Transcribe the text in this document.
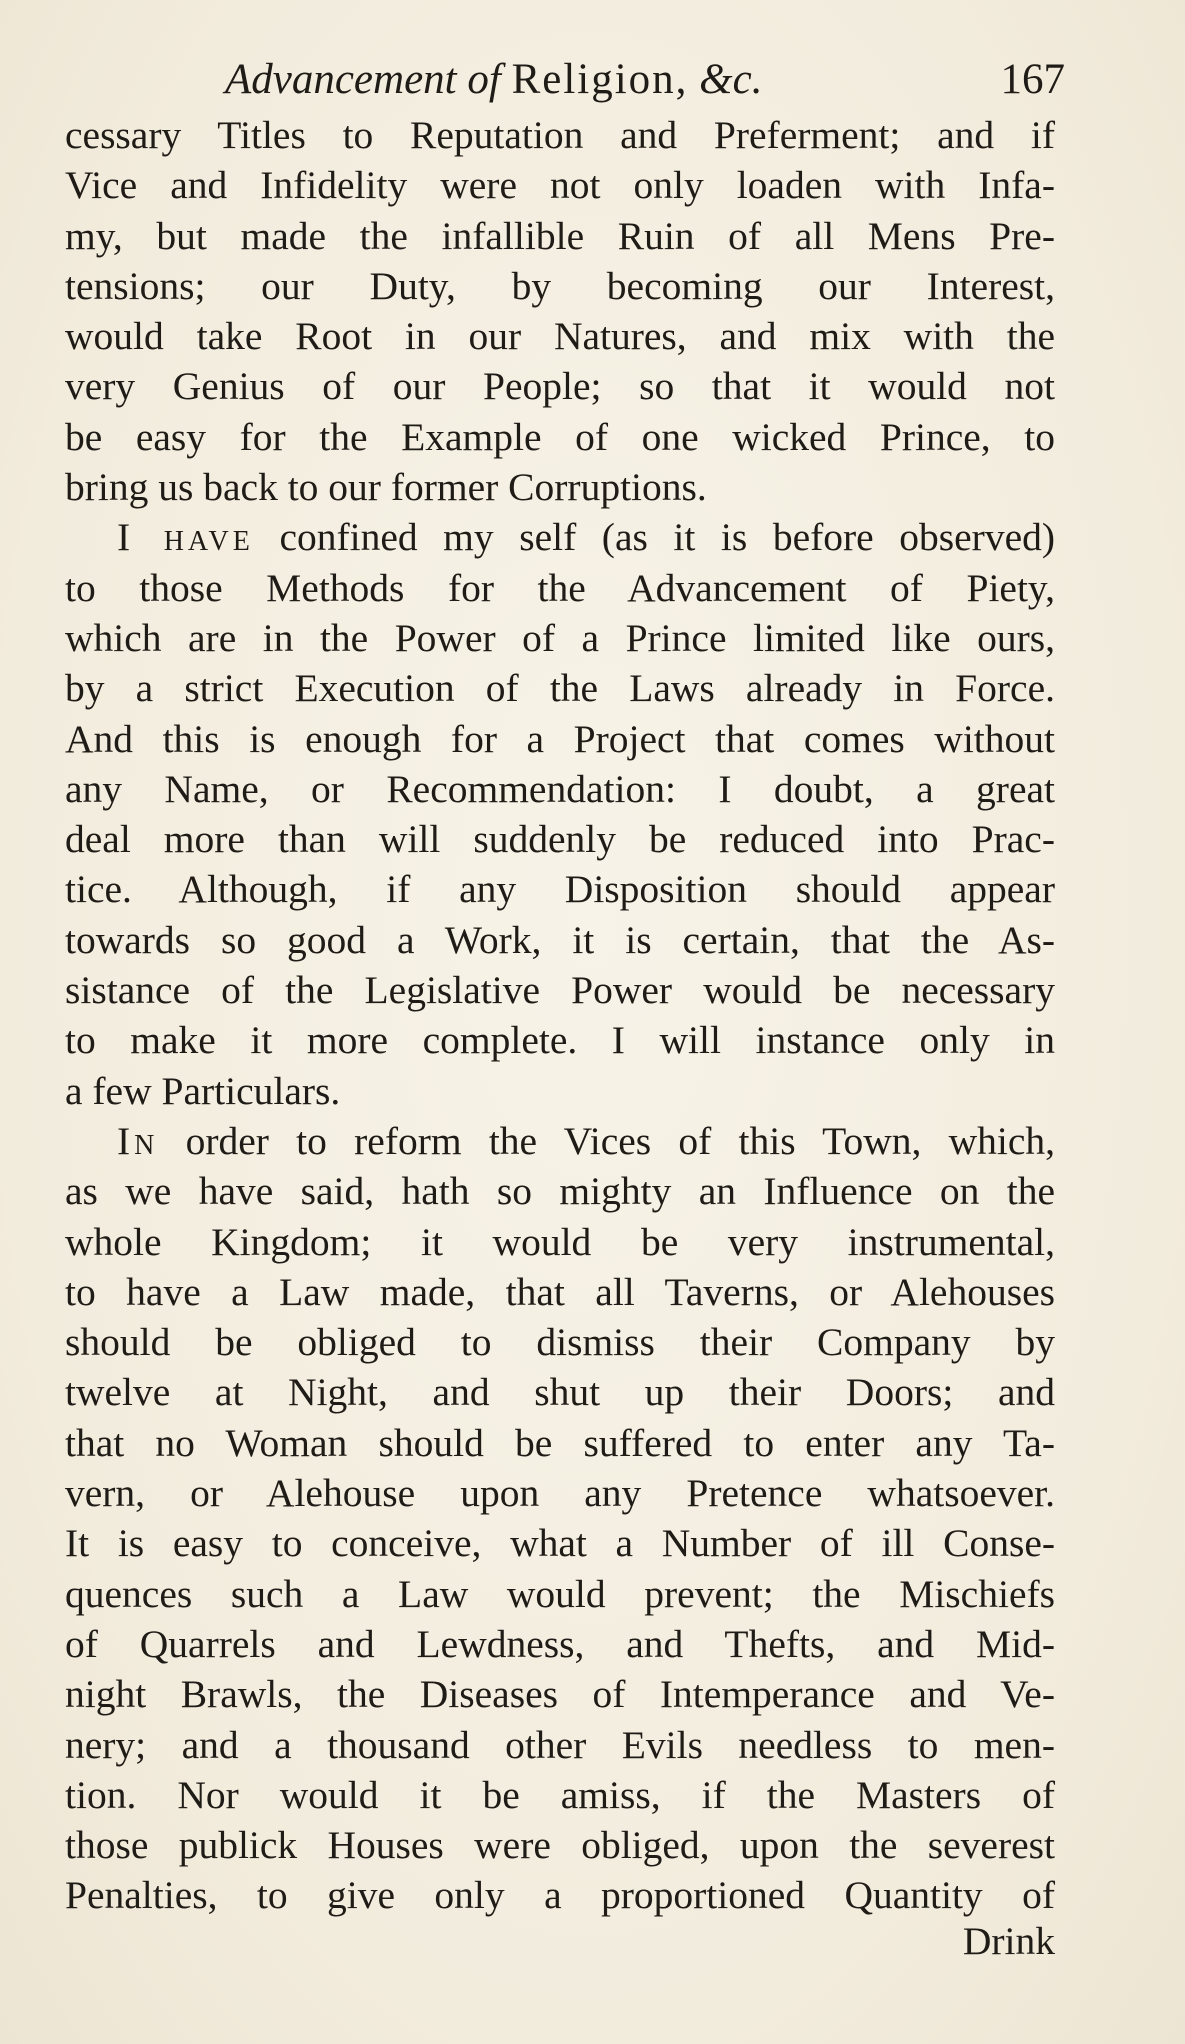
Advancement of Religion, &c.	167

cessary Titles to Reputation and Preferment; and if

Vice and Infidelity were not only loaden with Infa-

my, but made the infallible Ruin of all Mens Pre-

tensions; our Duty, by becoming our Interest,

would take Root in our Natures, and mix with the

very Genius of our People; so that it would not

be easy for the Example of one wicked Prince, to

bring us back to our former Corruptions.

I have confined my self (as it is before observed)

to those Methods for the Advancement of Piety,

which are in the Power of a Prince limited like ours,

by a strict Execution of the Laws already in Force.

And this is enough for a Project that comes without

any Name, or Recommendation: I doubt, a great

deal more than will suddenly be reduced into Prac-

tice. Although, if any Disposition should appear

towards so good a Work, it is certain, that the As-

sistance of the Legislative Power would be necessary

to make it more complete. I will instance only in

a few Particulars.

In order to reform the Vices of this Town, which,

as we have said, hath so mighty an Influence on the

whole Kingdom; it would be very instrumental,

to have a Law made, that all Taverns, or Alehouses

should be obliged to dismiss their Company by

twelve at Night, and shut up their Doors; and

that no Woman should be suffered to enter any Ta-

vern, or Alehouse upon any Pretence whatsoever.

It is easy to conceive, what a Number of ill Conse-

quences such a Law would prevent; the Mischiefs

of Quarrels and Lewdness, and Thefts, and Mid-

night Brawls, the Diseases of Intemperance and Ve-

nery; and a thousand other Evils needless to men-

tion. Nor would it be amiss, if the Masters of

those publick Houses were obliged, upon the severest

Penalties, to give only a proportioned Quantity of

Drink
